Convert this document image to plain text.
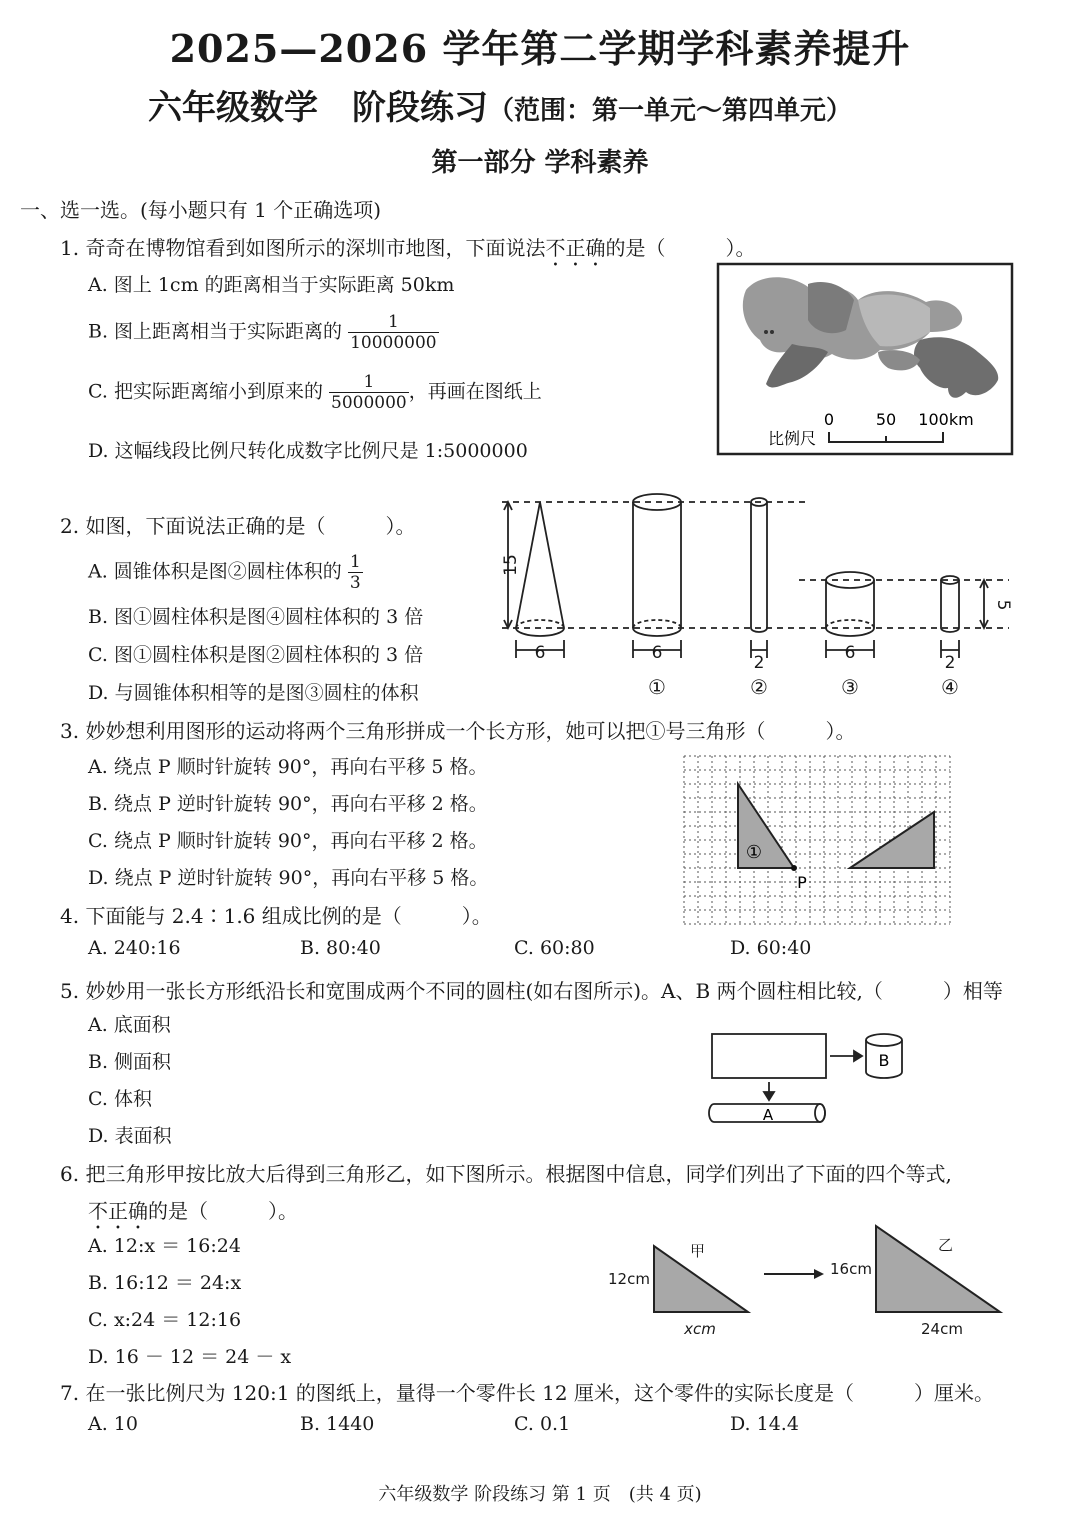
2025—2026 学年第二学期学科素养提升
六年级数学　阶段练习（范围：第一单元～第四单元）
第一部分 学科素养
一、选一选。(每小题只有 1 个正确选项)
1. 奇奇在博物馆看到如图所示的深圳市地图，下面说法不正确的是（　　　）。
A. 图上 1cm 的距离相当于实际距离 50km
B. 图上距离相当于实际距离的 $\frac{1}{10000000}$
C. 把实际距离缩小到原来的 $\frac{1}{5000000}$ ，再画在图纸上
D. 这幅线段比例尺转化成数字比例尺是 1:5000000
0	50 100km
比例尺
2. 如图，下面说法正确的是（　　　）。
A. 圆锥体积是图②圆柱体积的 $\frac{1}{3}$
B. 图①圆柱体积是图④圆柱体积的 3 倍
C. 图①圆柱体积是图②圆柱体积的 3 倍
D. 与圆锥体积相等的是图③圆柱的体积
15
5
6	6	2	6	2
①	②	③	④
3. 妙妙想利用图形的运动将两个三角形拼成一个长方形，她可以把①号三角形（　　　）。
A. 绕点 P 顺时针旋转 90°，再向右平移 5 格。
B. 绕点 P 逆时针旋转 90°，再向右平移 2 格。
C. 绕点 P 顺时针旋转 90°，再向右平移 2 格。
D. 绕点 P 逆时针旋转 90°，再向右平移 5 格。
①
P
4. 下面能与 2.4∶1.6 组成比例的是（　　　）。
A. 240:16	B. 80:40	C. 60:80	D. 60:40
5. 妙妙用一张长方形纸沿长和宽围成两个不同的圆柱(如右图所示)。A、B 两个圆柱相比较,（　　　）相等
A. 底面积
B. 侧面积
C. 体积
D. 表面积
B
A
6. 把三角形甲按比放大后得到三角形乙，如下图所示。根据图中信息，同学们列出了下面的四个等式,
不正确的是（　　　）。
A. 12:x ＝ 16:24
B. 16:12 ＝ 24:x
C. x:24 ＝ 12:16
D. 16 － 12 ＝ 24 － x
甲
12cm
xcm
乙
16cm
24cm
7. 在一张比例尺为 120:1 的图纸上，量得一个零件长 12 厘米，这个零件的实际长度是（　　　）厘米。
A. 10	B. 1440	C. 0.1	D. 14.4
六年级数学 阶段练习 第 1 页　(共 4 页)
